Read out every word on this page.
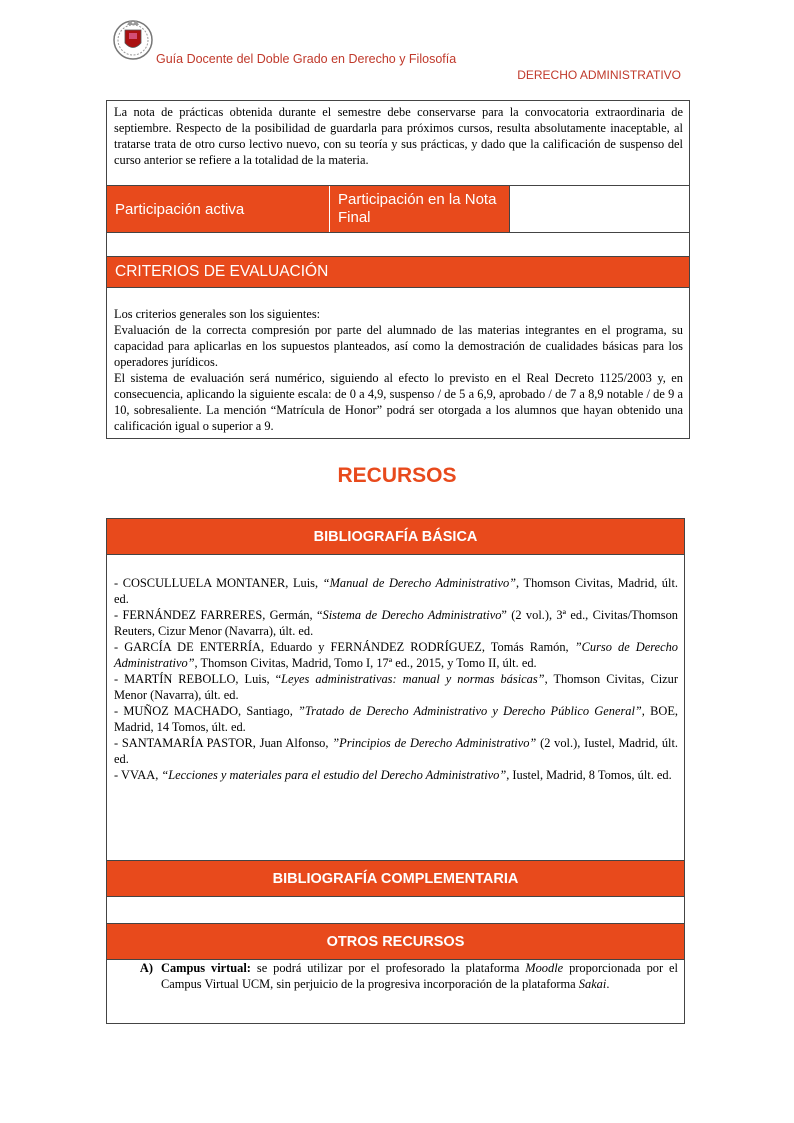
Guía Docente del Doble Grado en Derecho y Filosofía
DERECHO ADMINISTRATIVO
La nota de prácticas obtenida durante el semestre debe conservarse para la convocatoria extraordinaria de septiembre. Respecto de la posibilidad de guardarla para próximos cursos, resulta absolutamente inaceptable, al tratarse trata de otro curso lectivo nuevo, con su teoría y sus prácticas, y dado que la calificación de suspenso del curso anterior se refiere a la totalidad de la materia.
Participación activa
Participación en la Nota Final
CRITERIOS DE EVALUACIÓN
Los criterios generales son los siguientes:
Evaluación de la correcta compresión por parte del alumnado de las materias integrantes en el programa, su capacidad para aplicarlas en los supuestos planteados, así como la demostración de cualidades básicas para los operadores jurídicos.
El sistema de evaluación será numérico, siguiendo al efecto lo previsto en el Real Decreto 1125/2003 y, en consecuencia, aplicando la siguiente escala: de 0 a 4,9, suspenso / de 5 a 6,9, aprobado / de 7 a 8,9 notable / de 9 a 10, sobresaliente. La mención “Matrícula de Honor” podrá ser otorgada a los alumnos que hayan obtenido una calificación igual o superior a 9.
RECURSOS
BIBLIOGRAFÍA BÁSICA

- COSCULLUELA MONTANER, Luis, “Manual de Derecho Administrativo”, Thomson Civitas, Madrid, últ. ed.

- FERNÁNDEZ FARRERES, Germán, “Sistema de Derecho Administrativo” (2 vol.), 3ª ed., Civitas/Thomson Reuters, Cizur Menor (Navarra), últ. ed.

- GARCÍA DE ENTERRÍA, Eduardo y FERNÁNDEZ RODRÍGUEZ, Tomás Ramón, ”Curso de Derecho Administrativo”, Thomson Civitas, Madrid, Tomo I, 17ª ed., 2015, y Tomo II, últ. ed.

- MARTÍN REBOLLO, Luis, “Leyes administrativas: manual y normas básicas”, Thomson Civitas, Cizur Menor (Navarra), últ. ed.

- MUÑOZ MACHADO, Santiago, ”Tratado de Derecho Administrativo y Derecho Público General”, BOE, Madrid, 14 Tomos, últ. ed.

- SANTAMARÍA PASTOR, Juan Alfonso, ”Principios de Derecho Administrativo” (2 vol.), Iustel, Madrid, últ. ed.

- VVAA, “Lecciones y materiales para el estudio del Derecho Administrativo”, Iustel, Madrid, 8 Tomos, últ. ed.

BIBLIOGRAFÍA COMPLEMENTARIA
OTROS RECURSOS
A) Campus virtual: se podrá utilizar por el profesorado la plataforma Moodle proporcionada por el Campus Virtual UCM, sin perjuicio de la progresiva incorporación de la plataforma Sakai.
